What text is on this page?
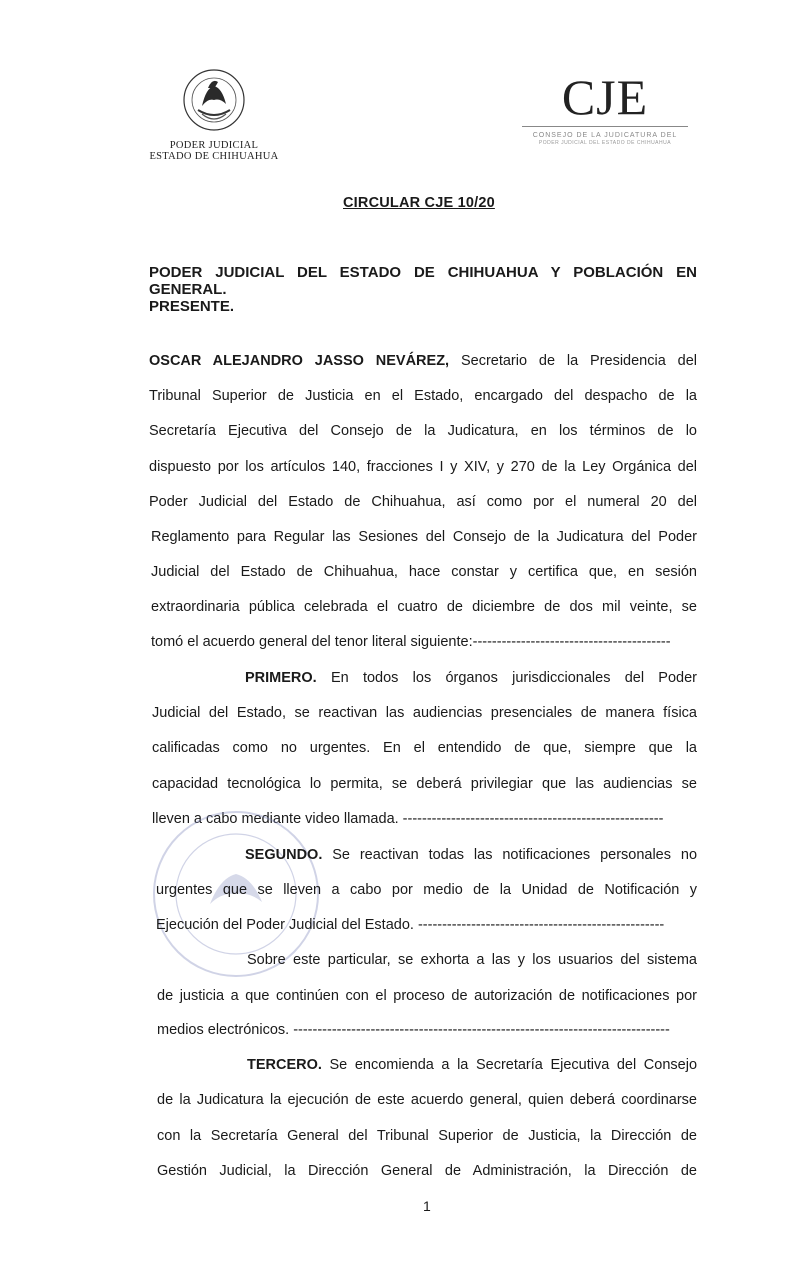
PODER JUDICIAL
ESTADO DE CHIHUAHUA
CJE
CONSEJO DE LA JUDICATURA DEL
PODER JUDICIAL DEL ESTADO DE CHIHUAHUA
CIRCULAR CJE 10/20
PODER JUDICIAL DEL ESTADO DE CHIHUAHUA Y POBLACIÓN EN GENERAL.
PRESENTE.
OSCAR ALEJANDRO JASSO NEVÁREZ, Secretario de la Presidencia del
Tribunal Superior de Justicia en el Estado, encargado del despacho de la
Secretaría Ejecutiva del Consejo de la Judicatura, en los términos de lo
dispuesto por los artículos 140, fracciones I y XIV, y 270 de la Ley Orgánica del
Poder Judicial del Estado de Chihuahua, así como por el numeral 20 del
Reglamento para Regular las Sesiones del Consejo de la Judicatura del Poder
Judicial del Estado de Chihuahua, hace constar y certifica que, en sesión
extraordinaria pública celebrada el cuatro de diciembre de dos mil veinte, se
tomó el acuerdo general del tenor literal siguiente:-----------------------------------------
PRIMERO. En todos los órganos jurisdiccionales del Poder
Judicial del Estado, se reactivan las audiencias presenciales de manera física
calificadas como no urgentes. En el entendido de que, siempre que la
capacidad tecnológica lo permita, se deberá privilegiar que las audiencias se
lleven a cabo mediante video llamada. ------------------------------------------------------
SEGUNDO. Se reactivan todas las notificaciones personales no
urgentes que se lleven a cabo por medio de la Unidad de Notificación y
Ejecución del Poder Judicial del Estado. ---------------------------------------------------
Sobre este particular, se exhorta a las y los usuarios del sistema
de justicia a que continúen con el proceso de autorización de notificaciones por
medios electrónicos. ------------------------------------------------------------------------------
TERCERO. Se encomienda a la Secretaría Ejecutiva del Consejo
de la Judicatura la ejecución de este acuerdo general, quien deberá coordinarse
con la Secretaría General del Tribunal Superior de Justicia, la Dirección de
Gestión Judicial, la Dirección General de Administración, la Dirección de
1
